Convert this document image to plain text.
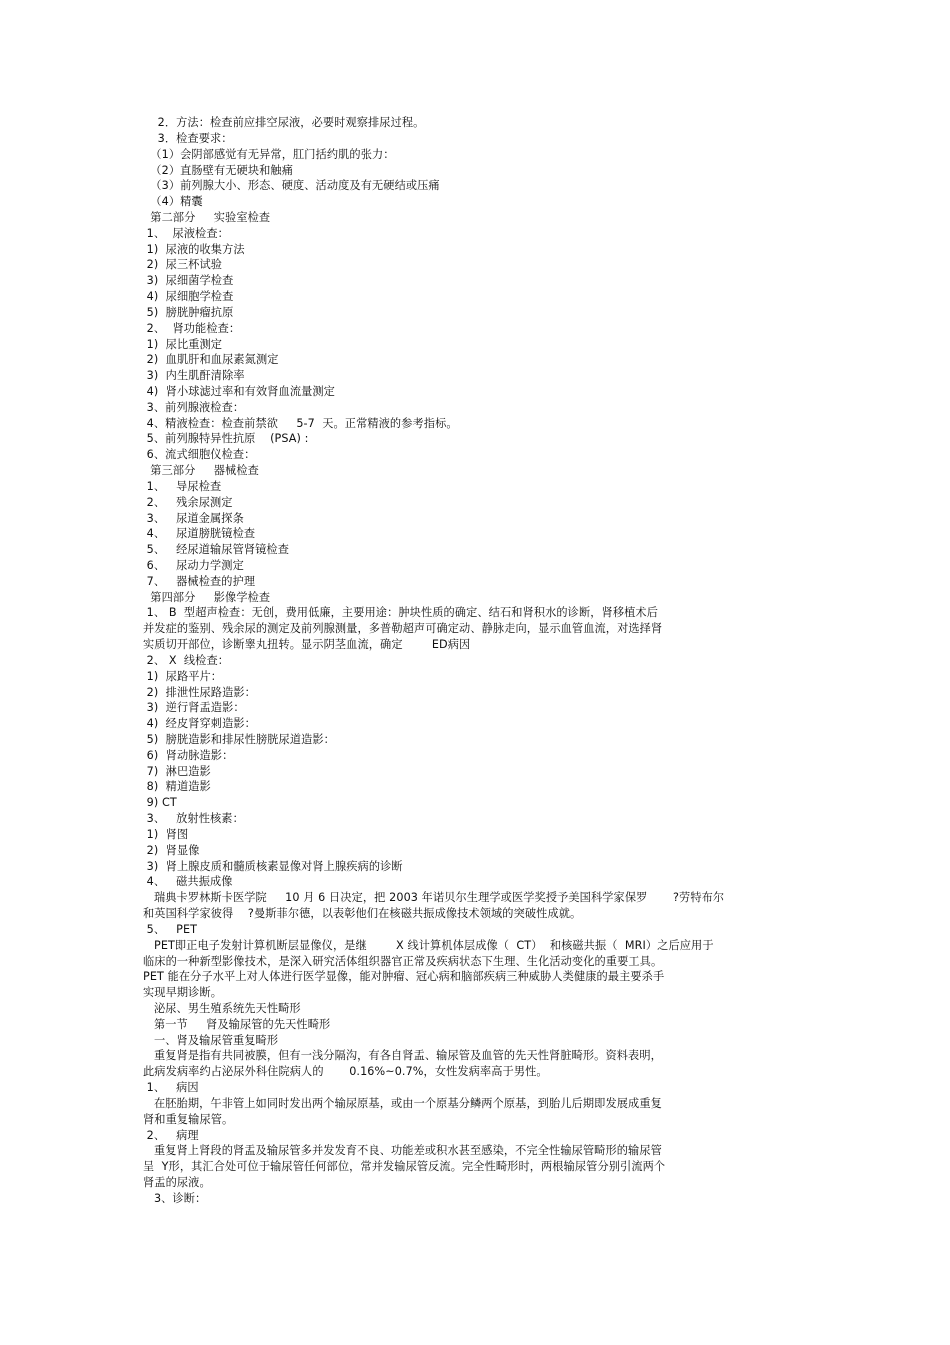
2．方法：检查前应排空尿液，必要时观察排尿过程。
3．检查要求：
（1）会阴部感觉有无异常，肛门括约肌的张力：
（2）直肠壁有无硬块和触痛
（3）前列腺大小、形态、硬度、活动度及有无硬结或压痛
（4）精囊
第二部分     实验室检查
1、  尿液检查：
1)  尿液的收集方法
2)  尿三杯试验
3)  尿细菌学检查
4)  尿细胞学检查
5)  膀胱肿瘤抗原
2、  肾功能检查：
1)  尿比重测定
2)  血肌肝和血尿素氮测定
3)  内生肌酐清除率
4)  肾小球滤过率和有效肾血流量测定
3、前列腺液检查：
4、精液检查：检查前禁欲     5-7  天。正常精液的参考指标。
5、前列腺特异性抗原    (PSA) :
6、流式细胞仪检查：
第三部分     器械检查
1、   导尿检查
2、   残余尿测定
3、   尿道金属探条
4、   尿道膀胱镜检查
5、   经尿道输尿管肾镜检查
6、   尿动力学测定
7、   器械检查的护理
第四部分     影像学检查
1、 B  型超声检查：无创，费用低廉，主要用途：肿块性质的确定、结石和肾积水的诊断，肾移植术后
并发症的鉴别、残余尿的测定及前列腺测量，多普勒超声可确定动、静脉走向，显示血管血流，对选择肾
实质切开部位，诊断睾丸扭转。显示阴茎血流，确定        ED病因
2、 X  线检查：
1)  尿路平片：
2)  排泄性尿路造影：
3)  逆行肾盂造影：
4)  经皮肾穿刺造影：
5)  膀胱造影和排尿性膀胱尿道造影：
6)  肾动脉造影：
7)  淋巴造影
8)  精道造影
9) CT
3、   放射性核素：
1)  肾图
2)  肾显像
3)  肾上腺皮质和髓质核素显像对肾上腺疾病的诊断
4、   磁共振成像
瑞典卡罗林斯卡医学院     10 月 6 日决定，把 2003 年诺贝尔生理学或医学奖授予美国科学家保罗       ?劳特布尔
和英国科学家彼得    ?曼斯菲尔德，以表彰他们在核磁共振成像技术领域的突破性成就。
5、   PET
PET即正电子发射计算机断层显像仪，是继        X 线计算机体层成像（  CT）  和核磁共振（  MRI）之后应用于
临床的一种新型影像技术，是深入研究活体组织器官正常及疾病状态下生理、生化活动变化的重要工具。
PET 能在分子水平上对人体进行医学显像，能对肿瘤、冠心病和脑部疾病三种威胁人类健康的最主要杀手
实现早期诊断。
泌尿、男生殖系统先天性畸形
第一节     肾及输尿管的先天性畸形
一、肾及输尿管重复畸形
重复肾是指有共同被膜，但有一浅分隔沟，有各自肾盂、输尿管及血管的先天性肾脏畸形。资料表明，
此病发病率约占泌尿外科住院病人的       0.16%~0.7%，女性发病率高于男性。
1、   病因
在胚胎期，午非管上如同时发出两个输尿原基，或由一个原基分鳞两个原基，到胎儿后期即发展成重复
肾和重复输尿管。
2、   病理
重复肾上肾段的肾盂及输尿管多并发发育不良、功能差或积水甚至感染，不完全性输尿管畸形的输尿管
呈  Y形，其汇合处可位于输尿管任何部位，常并发输尿管反流。完全性畸形时，两根输尿管分别引流两个
肾盂的尿液。
3、诊断：
